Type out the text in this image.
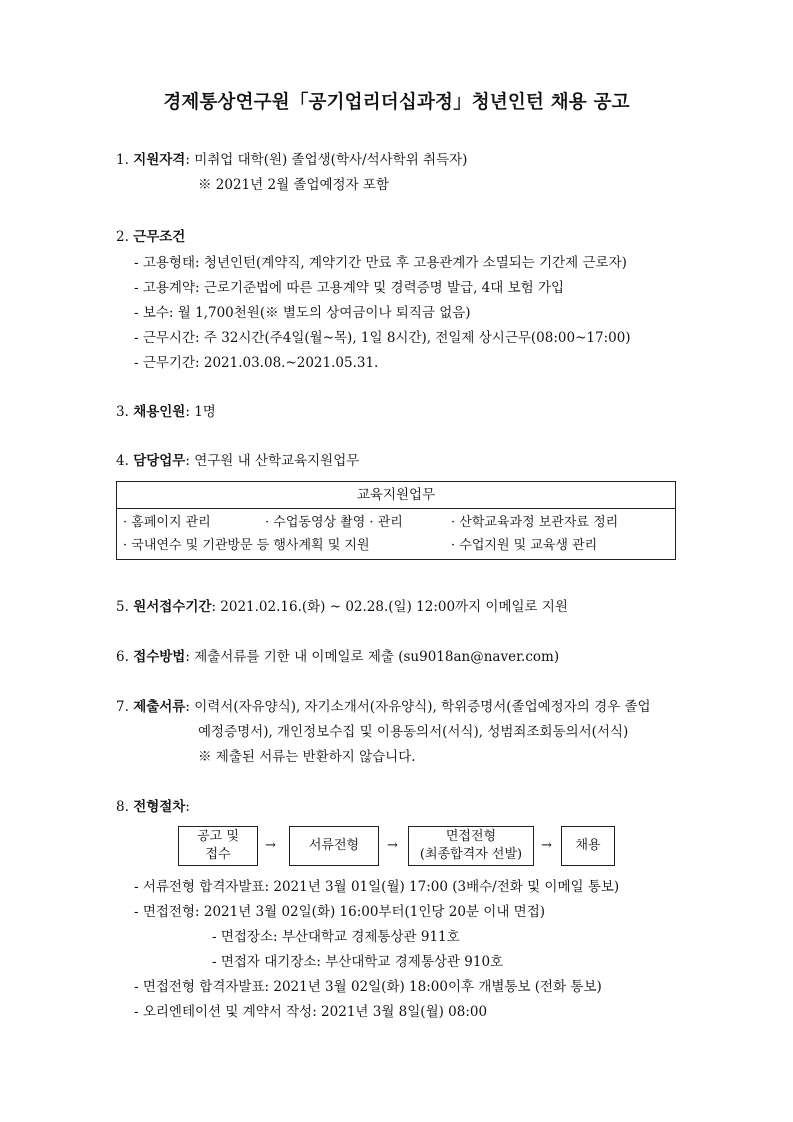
경제통상연구원「공기업리더십과정」청년인턴 채용 공고
1. 지원자격: 미취업 대학(원) 졸업생(학사/석사학위 취득자)
※ 2021년 2월 졸업예정자 포함
2. 근무조건
- 고용형태: 청년인턴(계약직, 계약기간 만료 후 고용관계가 소멸되는 기간제 근로자)
- 고용계약: 근로기준법에 따른 고용계약 및 경력증명 발급, 4대 보험 가입
- 보수: 월 1,700천원(※ 별도의 상여금이나 퇴직금 없음)
- 근무시간: 주 32시간(주4일(월~목), 1일 8시간), 전일제 상시근무(08:00~17:00)
- 근무기간: 2021.03.08.~2021.05.31.
3. 채용인원: 1명
4. 담당업무: 연구원 내 산학교육지원업무
교육지원업무
· 홈페이지 관리	· 수업동영상 촬영 · 관리	· 산학교육과정 보관자료 정리
· 국내연수 및 기관방문 등 행사계획 및 지원	· 수업지원 및 교육생 관리
5. 원서접수기간: 2021.02.16.(화) ~ 02.28.(일) 12:00까지 이메일로 지원
6. 접수방법: 제출서류를 기한 내 이메일로 제출 (su9018an@naver.com)
7. 제출서류: 이력서(자유양식), 자기소개서(자유양식), 학위증명서(졸업예정자의 경우 졸업
예정증명서), 개인정보수집 및 이용동의서(서식), 성범죄조회동의서(서식)
※ 제출된 서류는 반환하지 않습니다.
8. 전형절차:
공고 및
접수
→	서류전형 →
면접전형
(최종합격자 선발)
→ 채용
- 서류전형 합격자발표: 2021년 3월 01일(월) 17:00 (3배수/전화 및 이메일 통보)
- 면접전형: 2021년 3월 02일(화) 16:00부터(1인당 20분 이내 면접)
- 면접장소: 부산대학교 경제통상관 911호
- 면접자 대기장소: 부산대학교 경제통상관 910호
- 면접전형 합격자발표: 2021년 3월 02일(화) 18:00이후 개별통보 (전화 통보)
- 오리엔테이션 및 계약서 작성: 2021년 3월 8일(월) 08:00
